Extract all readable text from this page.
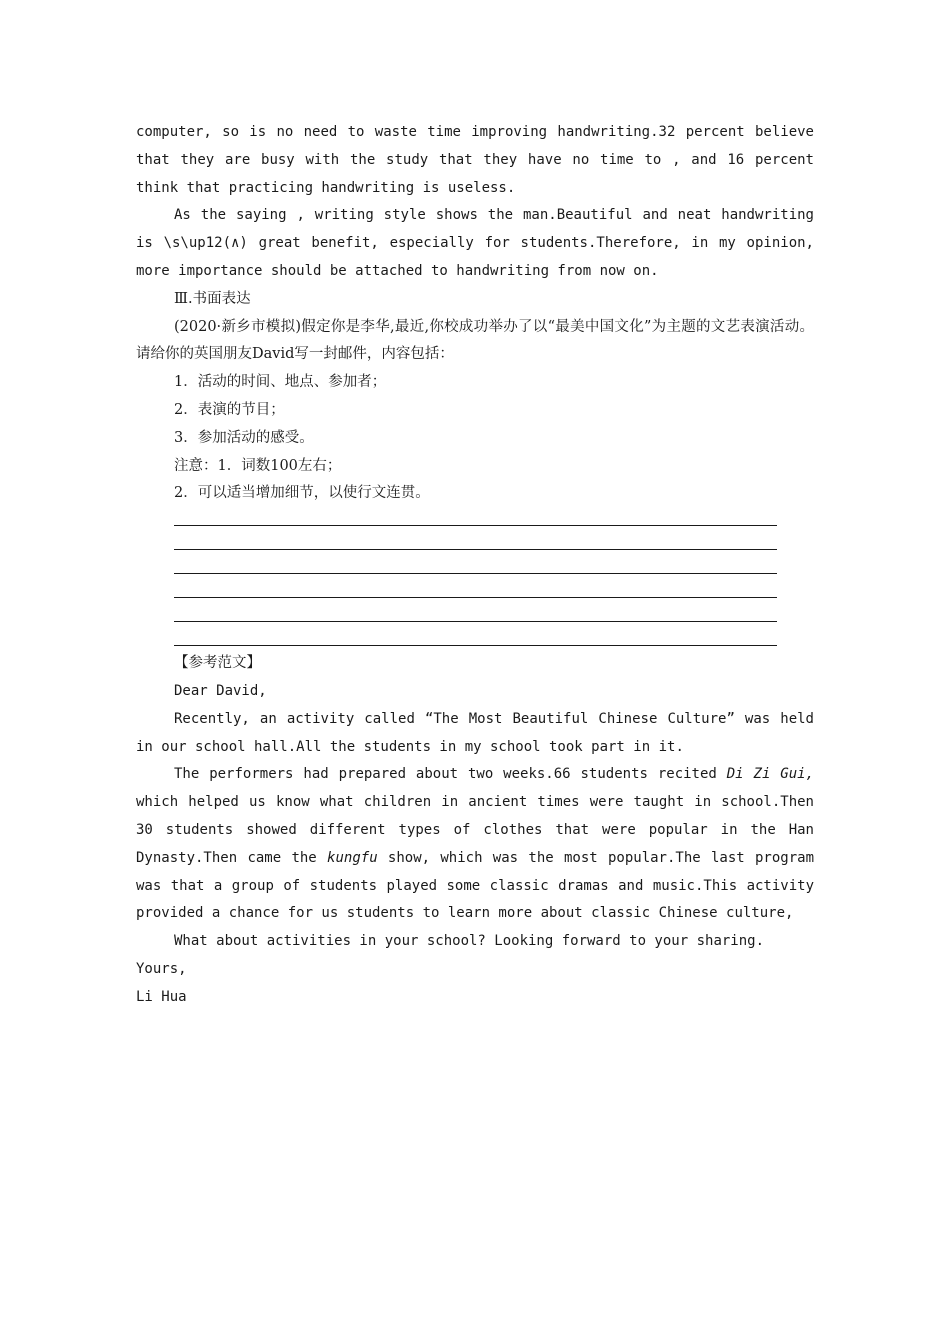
computer, so is no need to waste time improving handwriting.32 percent believe that they are busy with the study that they have no time to , and 16 percent think that practicing handwriting is useless.

As the saying , writing style shows the man.Beautiful and neat handwriting is \s\up12(∧) great benefit, especially for students.Therefore, in my opinion, more importance should be attached to handwriting from now on.

Ⅲ.书面表达

(2020·新乡市模拟)假定你是李华,最近,你校成功举办了以“最美中国文化”为主题的文艺表演活动。请给你的英国朋友David写一封邮件，内容包括：

1．活动的时间、地点、参加者；

2．表演的节目；

3．参加活动的感受。

注意：1．词数100左右；

2．可以适当增加细节，以使行文连贯。

【参考范文】

Dear David,

Recently, an activity called “The Most Beautiful Chinese Culture” was held in our school hall.All the students in my school took part in it.

The performers had prepared about two weeks.66 students recited Di Zi Gui, which helped us know what children in ancient times were taught in school.Then 30 students showed different types of clothes that were popular in the Han Dynasty.Then came the kungfu show, which was the most popular.The last program was that a group of students played some classic dramas and music.This activity provided a chance for us students to learn more about classic Chinese culture,

What about activities in your school? Looking forward to your sharing.

Yours,

Li Hua
